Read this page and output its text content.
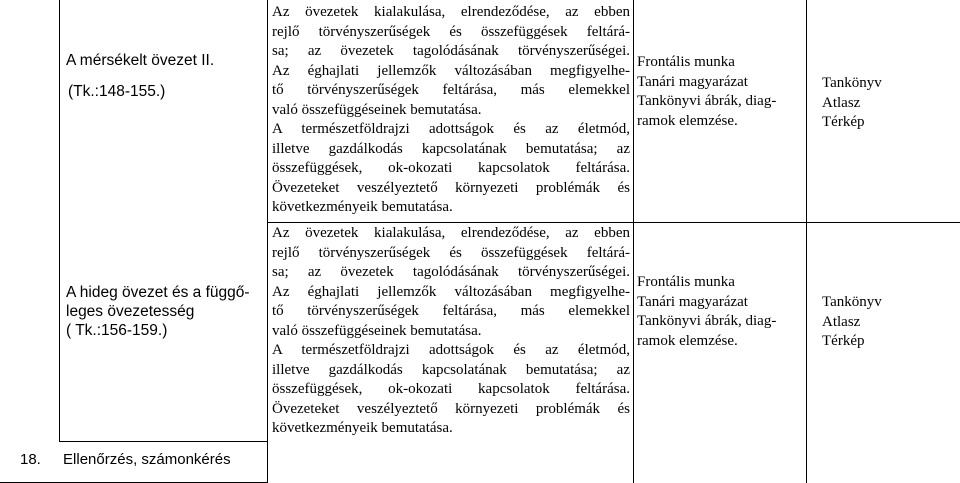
A mérsékelt övezet II.
(Tk.:148-155.)

Az övezetek kialakulása, elrendeződése, az ebben

rejlő törvényszerűségek és összefüggések feltárá-

sa; az övezetek tagolódásának törvényszerűségei.

Az éghajlati jellemzők változásában megfigyelhe-

tő törvényszerűségek feltárása, más elemekkel

való összefüggéseinek bemutatása.

A természetföldrajzi adottságok és az életmód,

illetve gazdálkodás kapcsolatának bemutatása; az

összefüggések, ok-okozati kapcsolatok feltárása.

Övezeteket veszélyeztető környezeti problémák és

következményeik bemutatása.

Frontális munka
Tanári magyarázat
Tankönyvi ábrák, diag-
ramok elemzése.
Tankönyv
Atlasz
Térkép
A hideg övezet és a függő-
leges övezetesség
( Tk.:156-159.)

Az övezetek kialakulása, elrendeződése, az ebben

rejlő törvényszerűségek és összefüggések feltárá-

sa; az övezetek tagolódásának törvényszerűségei.

Az éghajlati jellemzők változásában megfigyelhe-

tő törvényszerűségek feltárása, más elemekkel

való összefüggéseinek bemutatása.

A természetföldrajzi adottságok és az életmód,

illetve gazdálkodás kapcsolatának bemutatása; az

összefüggések, ok-okozati kapcsolatok feltárása.

Övezeteket veszélyeztető környezeti problémák és

következményeik bemutatása.

Frontális munka
Tanári magyarázat
Tankönyvi ábrák, diag-
ramok elemzése.
Tankönyv
Atlasz
Térkép
18. Ellenőrzés, számonkérés
